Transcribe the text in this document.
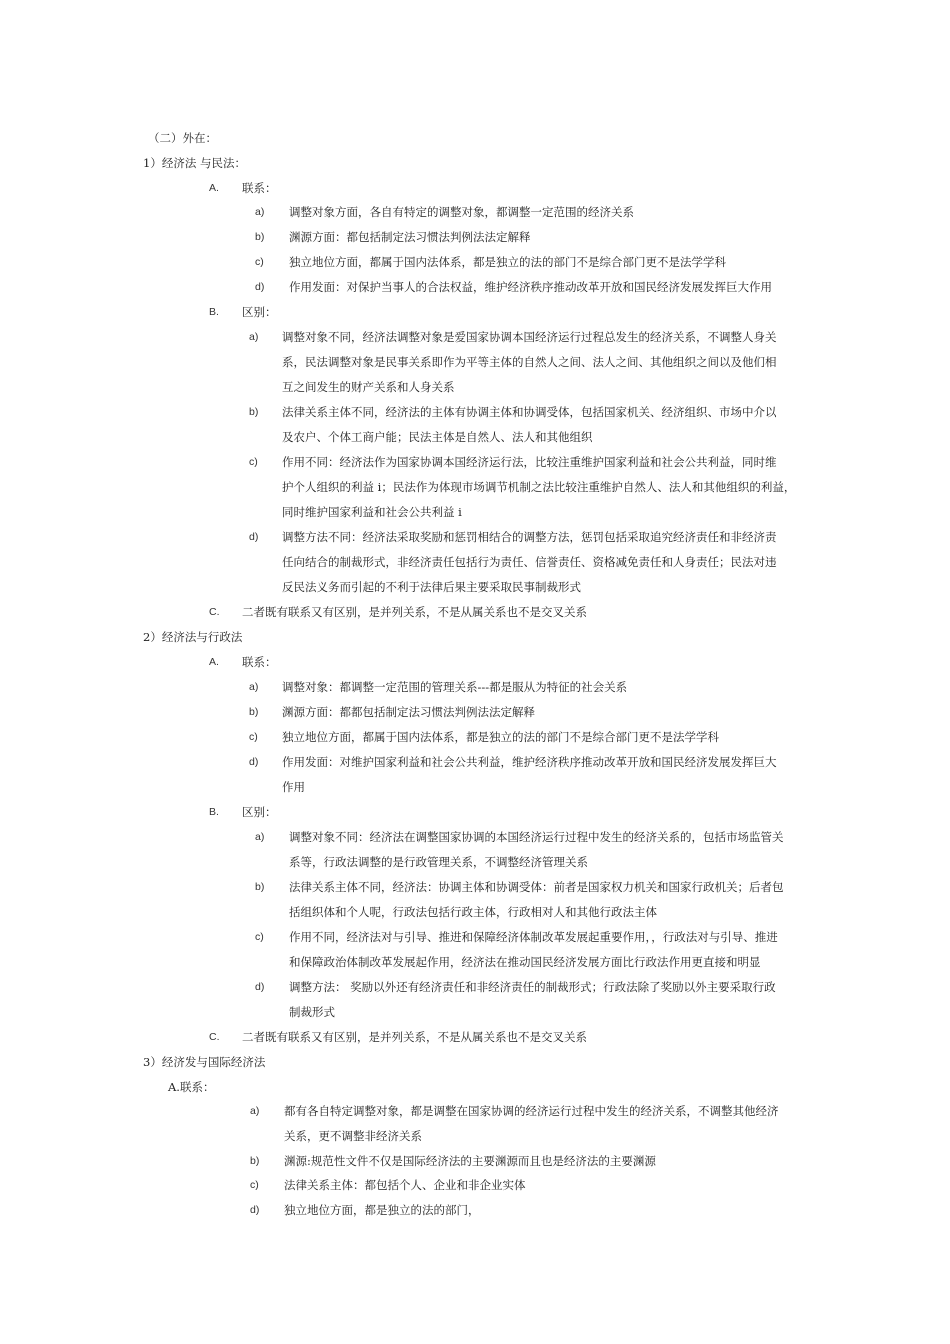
（二）外在：
1）经济法 与民法：
A. 联系：
a) 调整对象方面，各自有特定的调整对象，都调整一定范围的经济关系
b) 渊源方面：都包括制定法习惯法判例法法定解释
c) 独立地位方面，都属于国内法体系，都是独立的法的部门不是综合部门更不是法学学科
d) 作用发面：对保护当事人的合法权益，维护经济秩序推动改革开放和国民经济发展发挥巨大作用
B. 区别：
a) 调整对象不同，经济法调整对象是爱国家协调本国经济运行过程总发生的经济关系，不调整人身关
系，民法调整对象是民事关系即作为平等主体的自然人之间、法人之间、其他组织之间以及他们相
互之间发生的财产关系和人身关系
b) 法律关系主体不同，经济法的主体有协调主体和协调受体，包括国家机关、经济组织、市场中介以
及农户、个体工商户能；民法主体是自然人、法人和其他组织
c) 作用不同：经济法作为国家协调本国经济运行法，比较注重维护国家利益和社会公共利益，同时维
护个人组织的利益 i；民法作为体现市场调节机制之法比较注重维护自然人、法人和其他组织的利益，
同时维护国家利益和社会公共利益 i
d) 调整方法不同：经济法采取奖励和惩罚相结合的调整方法，惩罚包括采取追究经济责任和非经济责
任向结合的制裁形式，非经济责任包括行为责任、信誉责任、资格减免责任和人身责任；民法对违
反民法义务而引起的不利于法律后果主要采取民事制裁形式
C. 二者既有联系又有区别，是并列关系，不是从属关系也不是交叉关系
2）经济法与行政法
A. 联系：
a) 调整对象：都调整一定范围的管理关系---都是服从为特征的社会关系
b) 渊源方面：都都包括制定法习惯法判例法法定解释
c) 独立地位方面，都属于国内法体系，都是独立的法的部门不是综合部门更不是法学学科
d) 作用发面：对维护国家利益和社会公共利益，维护经济秩序推动改革开放和国民经济发展发挥巨大
作用
B. 区别：
a) 调整对象不同：经济法在调整国家协调的本国经济运行过程中发生的经济关系的，包括市场监管关
系等，行政法调整的是行政管理关系，不调整经济管理关系
b) 法律关系主体不同，经济法：协调主体和协调受体：前者是国家权力机关和国家行政机关；后者包
括组织体和个人呢，行政法包括行政主体，行政相对人和其他行政法主体
c) 作用不同，经济法对与引导、推进和保障经济体制改革发展起重要作用，，行政法对与引导、推进
和保障政治体制改革发展起作用，经济法在推动国民经济发展方面比行政法作用更直接和明显
d) 调整方法： 奖励以外还有经济责任和非经济责任的制裁形式；行政法除了奖励以外主要采取行政
制裁形式
C. 二者既有联系又有区别，是并列关系，不是从属关系也不是交叉关系
3）经济发与国际经济法
A.联系：
a) 都有各自特定调整对象，都是调整在国家协调的经济运行过程中发生的经济关系，不调整其他经济
关系，更不调整非经济关系
b) 渊源:规范性文件不仅是国际经济法的主要渊源而且也是经济法的主要渊源
c) 法律关系主体：都包括个人、企业和非企业实体
d) 独立地位方面，都是独立的法的部门，
